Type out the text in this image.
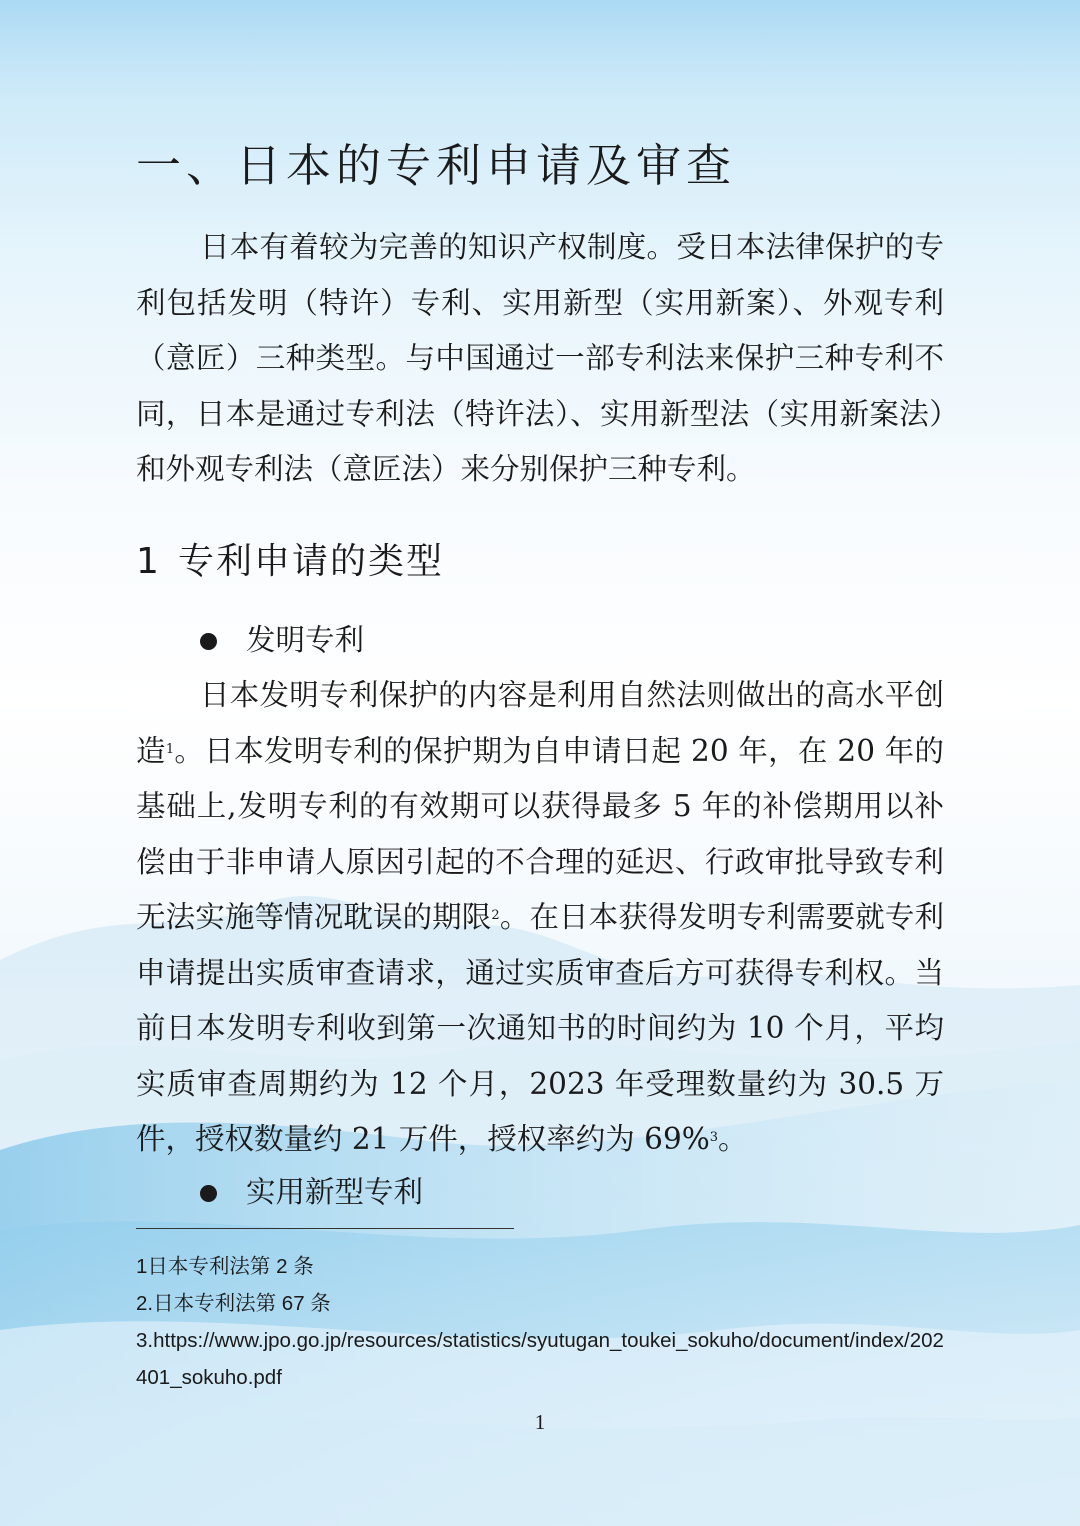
一、日本的专利申请及审查

日本有着较为完善的知识产权制度。受日本法律保护的专利包括发明（特许）专利、实用新型（实用新案）、外观专利（意匠）三种类型。与中国通过一部专利法来保护三种专利不同，日本是通过专利法（特许法）、实用新型法（实用新案法）和外观专利法（意匠法）来分别保护三种专利。

1 专利申请的类型
发明专利

日本发明专利保护的内容是利用自然法则做出的高水平创造$^1$。日本发明专利的保护期为自申请日起 20 年，在 20 年的基础上,发明专利的有效期可以获得最多 5 年的补偿期用以补偿由于非申请人原因引起的不合理的延迟、行政审批导致专利无法实施等情况耽误的期限$^2$。在日本获得发明专利需要就专利申请提出实质审查请求，通过实质审查后方可获得专利权。当前日本发明专利收到第一次通知书的时间约为 10 个月，平均实质审查周期约为 12 个月，2023 年受理数量约为 30.5 万件，授权数量约 21 万件，授权率约为 69%$^3$。

实用新型专利
1日本专利法第 2 条
2.日本专利法第 67 条
3.https://www.jpo.go.jp/resources/statistics/syutugan_toukei_sokuho/document/index/202401_sokuho.pdf
1
